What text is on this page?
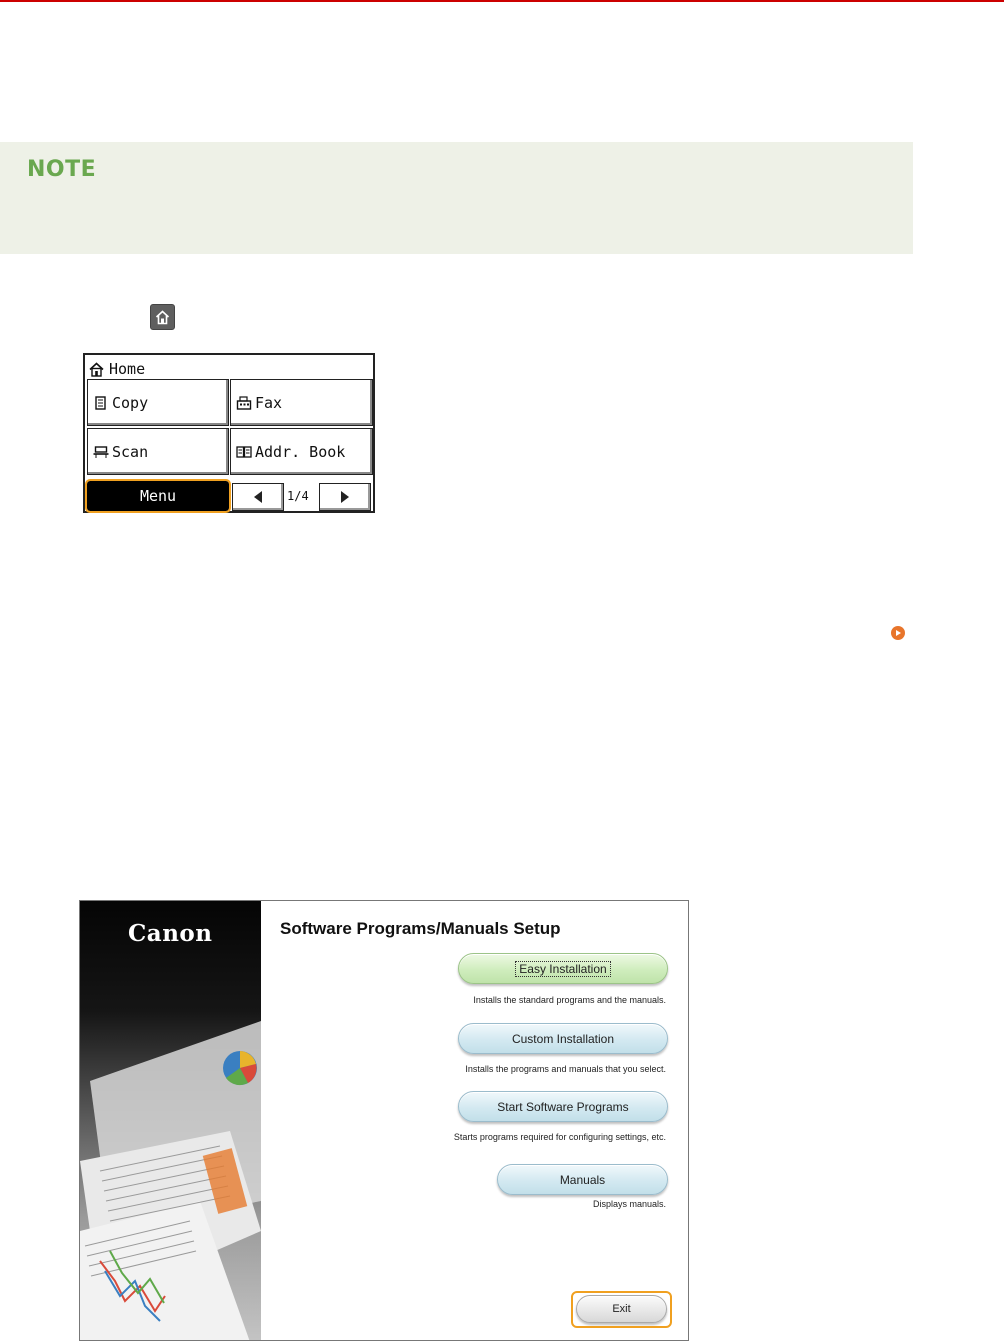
NOTE
Home
Copy	Fax
Scan	Addr. Book
Menu	1/4
Canon	Software Programs/Manuals Setup
Easy Installation
Installs the standard programs and the manuals.
Custom Installation
Installs the programs and manuals that you select.
Start Software Programs
Starts programs required for configuring settings, etc.
Manuals
Displays manuals.
Exit
